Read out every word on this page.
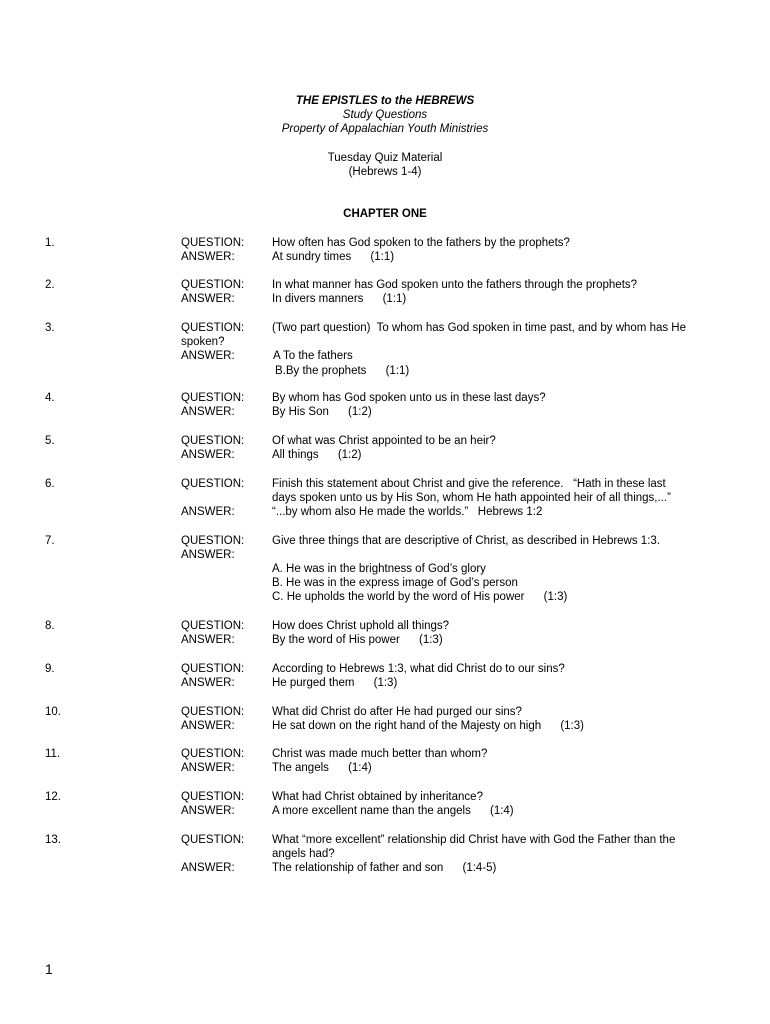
THE EPISTLES to the HEBREWS
Study Questions
Property of Appalachian Youth Ministries
Tuesday Quiz Material
(Hebrews 1-4)
CHAPTER ONE
1.	QUESTION:	How often has God spoken to the fathers by the prophets?
ANSWER:	At sundry times      (1:1)
2.	QUESTION:	In what manner has God spoken unto the fathers through the prophets?
ANSWER:	In divers manners      (1:1)
3.	QUESTION:	(Two part question)  To whom has God spoken in time past, and by whom has He
spoken?
ANSWER:	A To the fathers
B.By the prophets      (1:1)
4.	QUESTION:	By whom has God spoken unto us in these last days?
ANSWER:	By His Son      (1:2)
5.	QUESTION:	Of what was Christ appointed to be an heir?
ANSWER:	All things      (1:2)
6.	QUESTION:	Finish this statement about Christ and give the reference.   “Hath in these last
days spoken unto us by His Son, whom He hath appointed heir of all things,...”
ANSWER:	“...by whom also He made the worlds.”   Hebrews 1:2
7.	QUESTION:	Give three things that are descriptive of Christ, as described in Hebrews 1:3.
ANSWER:
A. He was in the brightness of God’s glory
B. He was in the express image of God’s person
C. He upholds the world by the word of His power      (1:3)
8.	QUESTION:	How does Christ uphold all things?
ANSWER:	By the word of His power      (1:3)
9.	QUESTION:	According to Hebrews 1:3, what did Christ do to our sins?
ANSWER:	He purged them      (1:3)
10.	QUESTION:	What did Christ do after He had purged our sins?
ANSWER:	He sat down on the right hand of the Majesty on high      (1:3)
11.	QUESTION:	Christ was made much better than whom?
ANSWER:	The angels      (1:4)
12.	QUESTION:	What had Christ obtained by inheritance?
ANSWER:	A more excellent name than the angels      (1:4)
13.	QUESTION:	What “more excellent” relationship did Christ have with God the Father than the
angels had?
ANSWER:	The relationship of father and son      (1:4-5)
1
